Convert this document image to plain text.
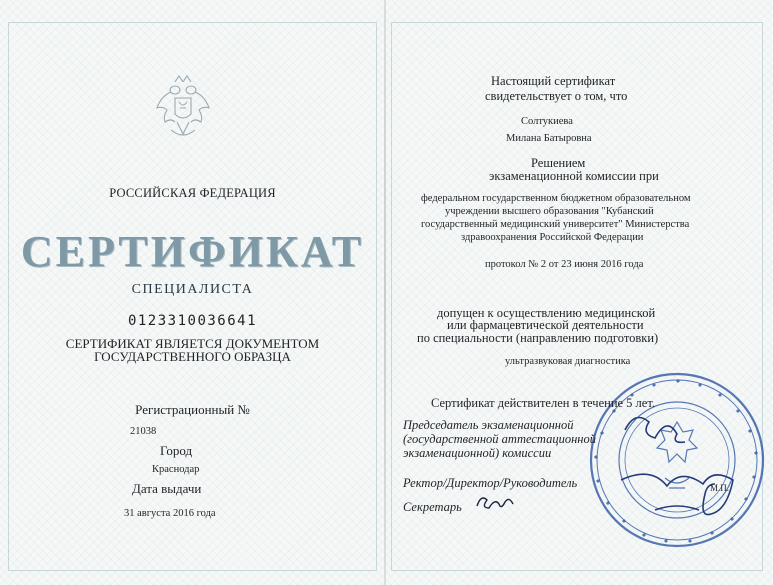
РОССИЙСКАЯ ФЕДЕРАЦИЯ
СЕРТИФИКАТ
СПЕЦИАЛИСТА
0123310036641
СЕРТИФИКАТ ЯВЛЯЕТСЯ ДОКУМЕНТОМ
ГОСУДАРСТВЕННОГО ОБРАЗЦА
Регистрационный №
21038
Город
Краснодар
Дата выдачи
31 августа 2016 года
Настоящий сертификат
свидетельствует о том, что
Солтукиева
Милана Батыровна
Решением
экзаменационной комиссии при
федеральном государственном бюджетном образовательном
учреждении высшего образования "Кубанский
государственный медицинский университет" Министерства
здравоохранения Российской Федерации
протокол № 2 от 23 июня 2016 года
допущен к осуществлению медицинской
или фармацевтической деятельности
по специальности (направлению подготовки)
ультразвуковая диагностика
Сертификат действителен в течение 5 лет.
Председатель экзаменационной
(государственной аттестационной
экзаменационной) комиссии
Ректор/Директор/Руководитель	М.П.
Секретарь
